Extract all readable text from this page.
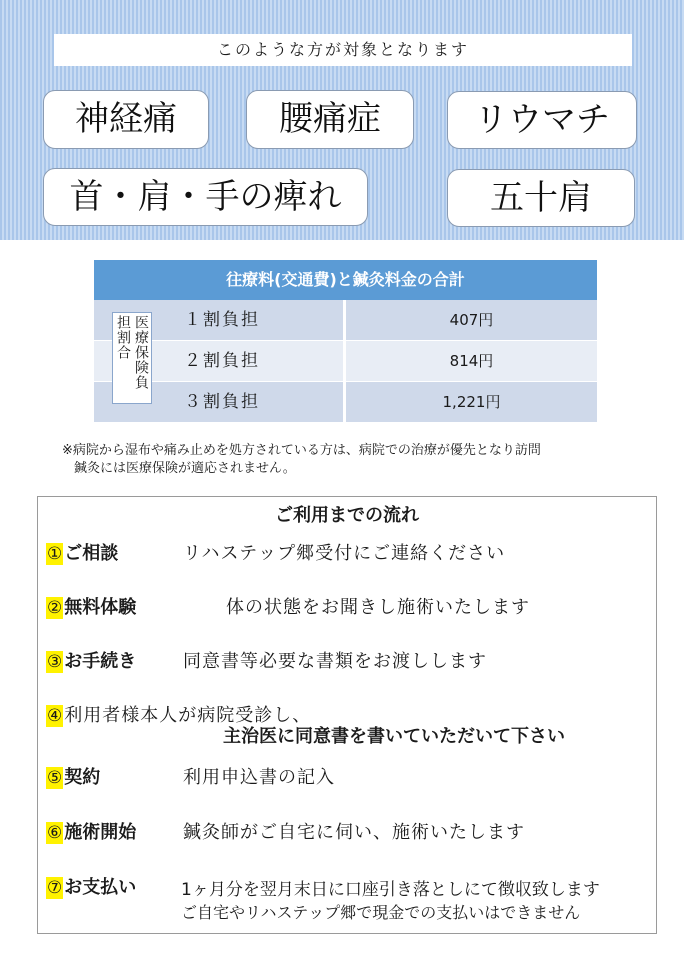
このような方が対象となります
神経痛	腰痛症	リウマチ
首・肩・手の痺れ	五十肩
往療料(交通費)と鍼灸料金の合計
１割負担	407円
２割負担	814円
３割負担	1,221円
医療保険負担割合
※病院から湿布や痛み止めを処方されている方は、病院での治療が優先となり訪問
鍼灸には医療保険が適応されません。
ご利用までの流れ
① ご相談	リハステップ郷受付にご連絡ください
② 無料体験	体の状態をお聞きし施術いたします
③ お手続き	同意書等必要な書類をお渡しします
④ 利用者様本人が病院受診し、
主治医に同意書を書いていただいて下さい
⑤ 契約	利用申込書の記入
⑥ 施術開始	鍼灸師がご自宅に伺い、施術いたします
⑦ お支払い	1ヶ月分を翌月末日に口座引き落としにて徴収致します
ご自宅やリハステップ郷で現金での支払いはできません
